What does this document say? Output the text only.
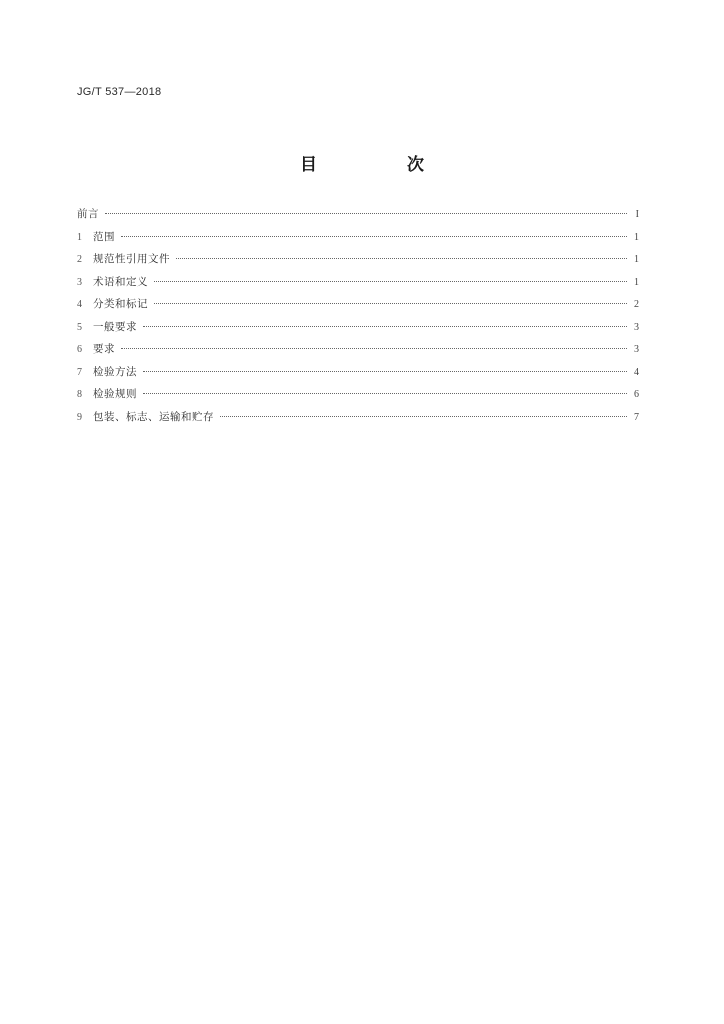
JG/T 537—2018
目 次
前言	I
1	范围	1
2	规范性引用文件	1
3	术语和定义	1
4	分类和标记	2
5	一般要求	3
6	要求	3
7	检验方法	4
8	检验规则	6
9	包装、标志、运输和贮存	7
